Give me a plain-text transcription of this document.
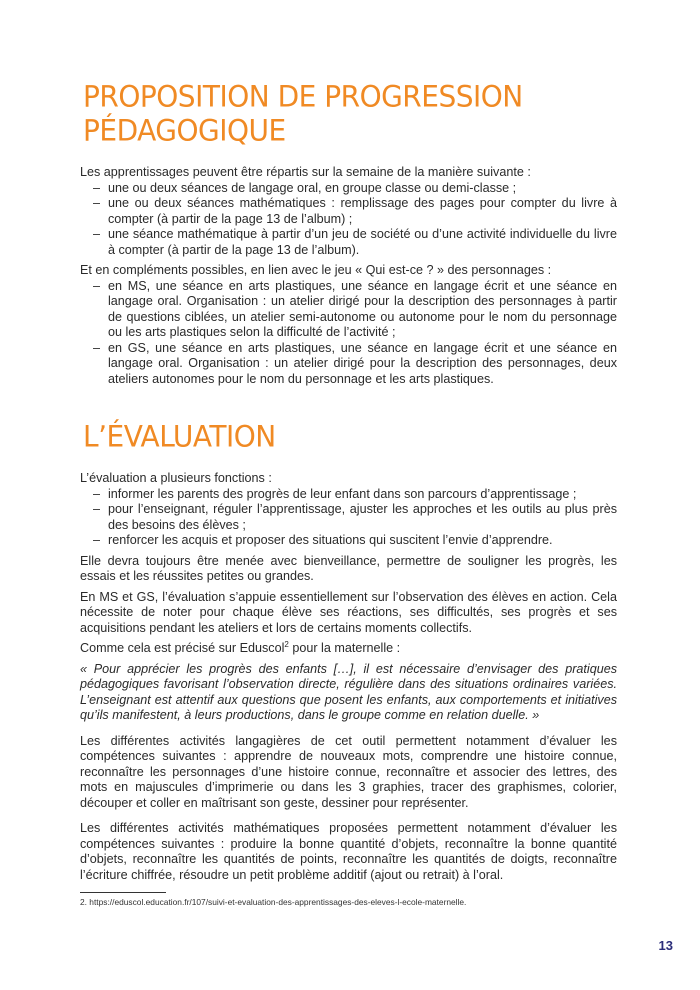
PROPOSITION DE PROGRESSION
PÉDAGOGIQUE

Les apprentissages peuvent être répartis sur la semaine de la manière suivante :

– une ou deux séances de langage oral, en groupe classe ou demi-classe ;
– une ou deux séances mathématiques : remplissage des pages pour compter du livre à compter (à partir de la page 13 de l’album) ;
– une séance mathématique à partir d’un jeu de société ou d’une activité individuelle du livre à compter (à partir de la page 13 de l’album).

Et en compléments possibles, en lien avec le jeu « Qui est-ce ? » des personnages :

– en MS, une séance en arts plastiques, une séance en langage écrit et une séance en langage oral. Organisation : un atelier dirigé pour la description des personnages à partir de questions ciblées, un atelier semi-autonome ou autonome pour le nom du personnage ou les arts plastiques selon la difficulté de l’activité ;
– en GS, une séance en arts plastiques, une séance en langage écrit et une séance en langage oral. Organisation : un atelier dirigé pour la description des personnages, deux ateliers autonomes pour le nom du personnage et les arts plastiques.
L’ÉVALUATION

L’évaluation a plusieurs fonctions :

– informer les parents des progrès de leur enfant dans son parcours d’apprentissage ;
– pour l’enseignant, réguler l’apprentissage, ajuster les approches et les outils au plus près des besoins des élèves ;
– renforcer les acquis et proposer des situations qui suscitent l’envie d’apprendre.

Elle devra toujours être menée avec bienveillance, permettre de souligner les progrès, les essais et les réussites petites ou grandes.

En MS et GS, l’évaluation s’appuie essentiellement sur l’observation des élèves en action. Cela nécessite de noter pour chaque élève ses réactions, ses difficultés, ses progrès et ses acquisitions pendant les ateliers et lors de certains moments collectifs.

Comme cela est précisé sur Eduscol$^2$ pour la maternelle :

« Pour apprécier les progrès des enfants […], il est nécessaire d’envisager des pratiques pédagogiques favorisant l’observation directe, régulière dans des situations ordinaires variées. L’enseignant est attentif aux questions que posent les enfants, aux comportements et initiatives qu’ils manifestent, à leurs productions, dans le groupe comme en relation duelle. »

Les différentes activités langagières de cet outil permettent notamment d’évaluer les compétences suivantes : apprendre de nouveaux mots, comprendre une histoire connue, reconnaître les personnages d’une histoire connue, reconnaître et associer des lettres, des mots en majuscules d’imprimerie ou dans les 3 graphies, tracer des graphismes, colorier, découper et coller en maîtrisant son geste, dessiner pour représenter.

Les différentes activités mathématiques proposées permettent notamment d’évaluer les compétences suivantes : produire la bonne quantité d’objets, reconnaître la bonne quantité d’objets, reconnaître les quantités de points, reconnaître les quantités de doigts, reconnaître l’écriture chiffrée, résoudre un petit problème additif (ajout ou retrait) à l’oral.

2. https://eduscol.education.fr/107/suivi-et-evaluation-des-apprentissages-des-eleves-l-ecole-maternelle.
13
